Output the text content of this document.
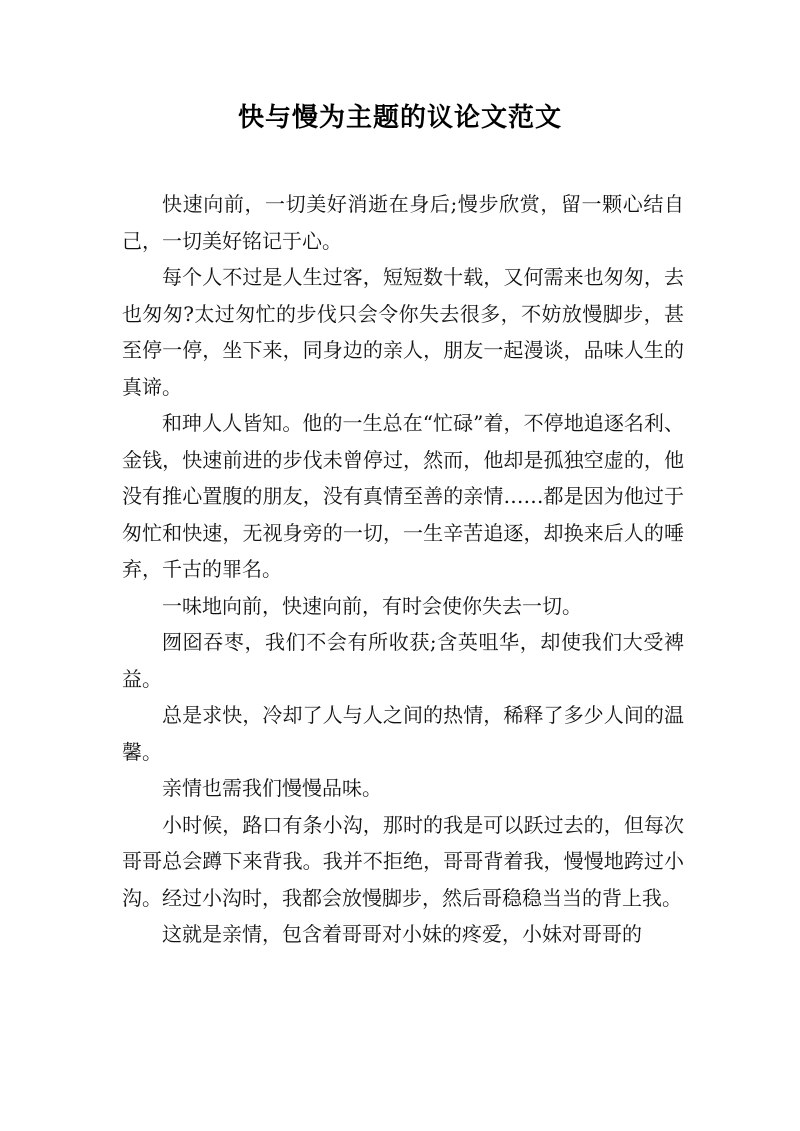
快与慢为主题的议论文范文

快速向前，一切美好消逝在身后;慢步欣赏，留一颗心结自己，一切美好铭记于心。

每个人不过是人生过客，短短数十载，又何需来也匆匆，去也匆匆?太过匆忙的步伐只会令你失去很多，不妨放慢脚步，甚至停一停，坐下来，同身边的亲人，朋友一起漫谈，品味人生的真谛。

和珅人人皆知。他的一生总在“忙碌”着，不停地追逐名利、金钱，快速前进的步伐未曾停过，然而，他却是孤独空虚的，他没有推心置腹的朋友，没有真情至善的亲情……都是因为他过于匆忙和快速，无视身旁的一切，一生辛苦追逐，却换来后人的唾弃，千古的罪名。

一味地向前，快速向前，有时会使你失去一切。

囫囵吞枣，我们不会有所收获;含英咀华，却使我们大受裨益。

总是求快，冷却了人与人之间的热情，稀释了多少人间的温馨。

亲情也需我们慢慢品味。

小时候，路口有条小沟，那时的我是可以跃过去的，但每次哥哥总会蹲下来背我。我并不拒绝，哥哥背着我，慢慢地跨过小沟。经过小沟时，我都会放慢脚步，然后哥稳稳当当的背上我。

这就是亲情，包含着哥哥对小妹的疼爱，小妹对哥哥的
